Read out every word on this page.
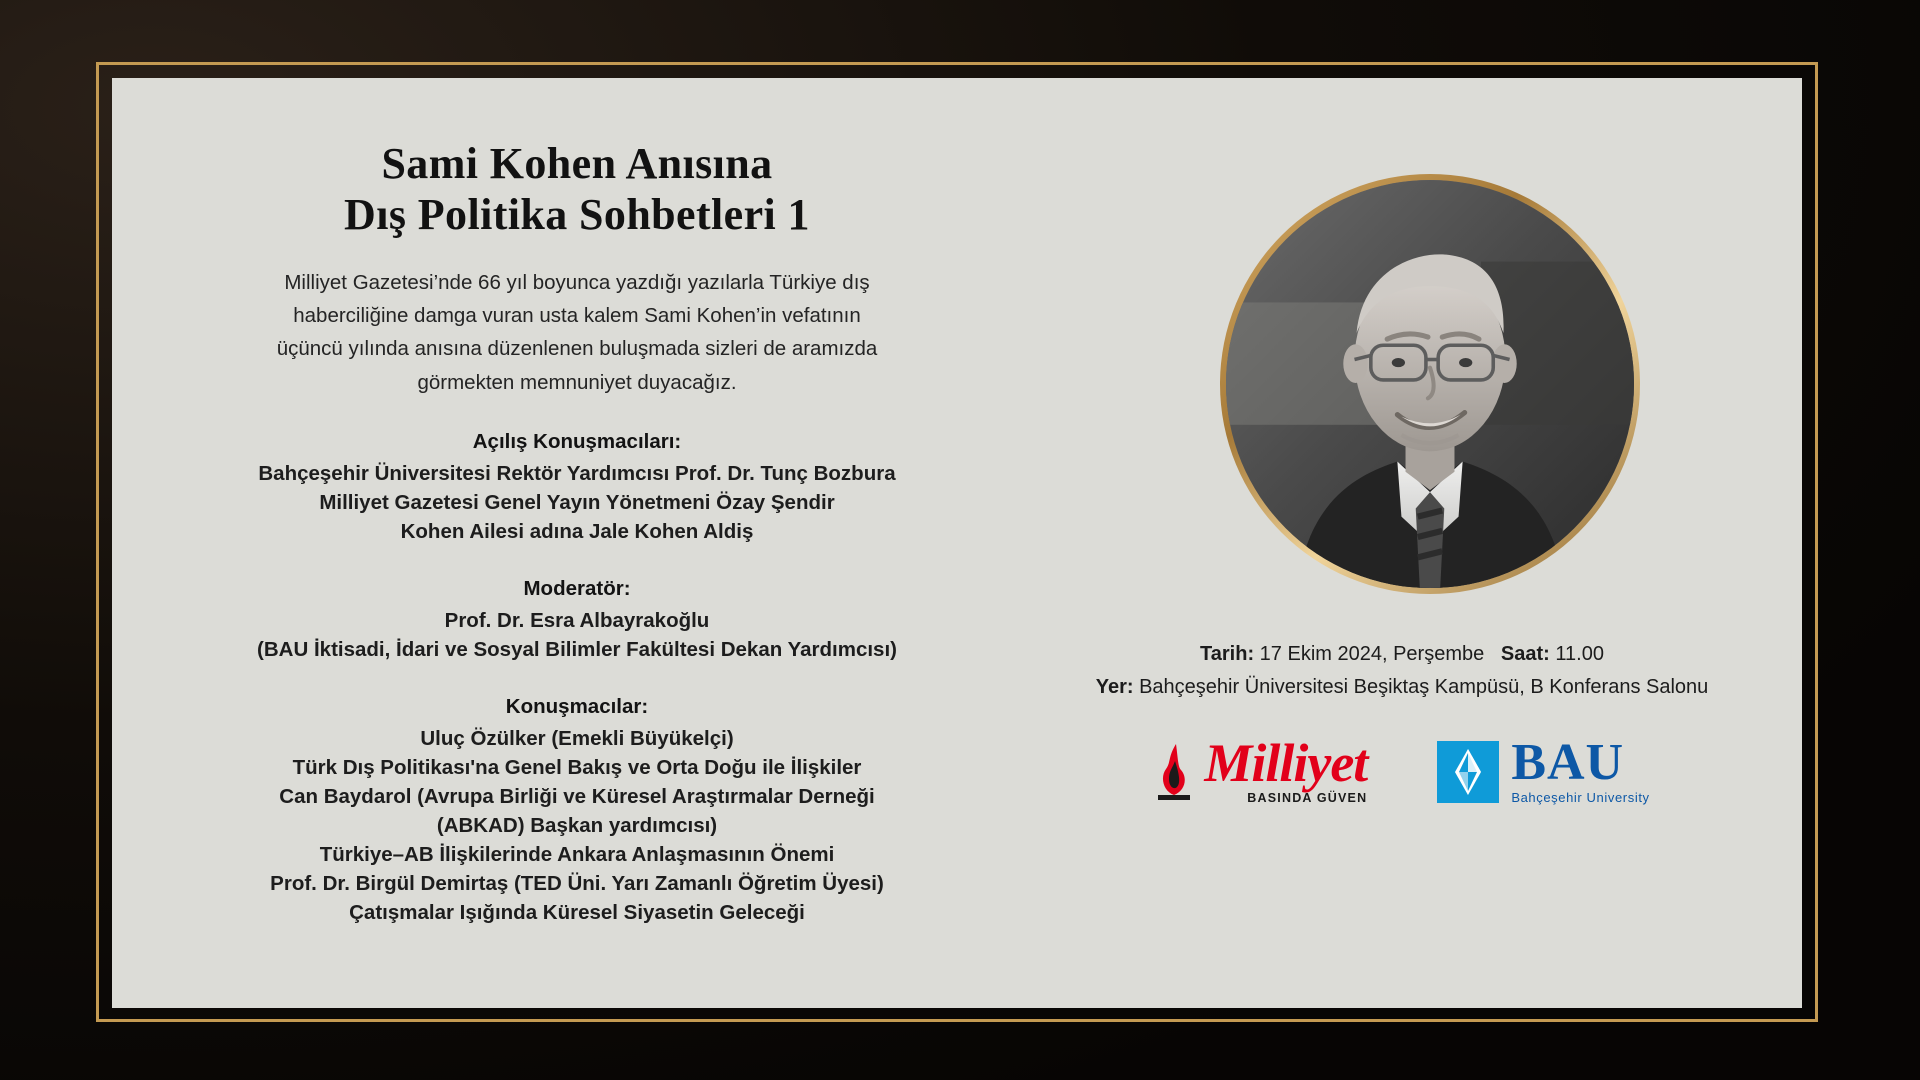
Sami Kohen Anısına
Dış Politika Sohbetleri 1

Milliyet Gazetesi’nde 66 yıl boyunca yazdığı yazılarla Türkiye dış haberciliğine damga vuran usta kalem Sami Kohen’in vefatının üçüncü yılında anısına düzenlenen buluşmada sizleri de aramızda görmekten memnuniyet duyacağız.

Açılış Konuşmacıları:
Bahçeşehir Üniversitesi Rektör Yardımcısı Prof. Dr. Tunç Bozbura
Milliyet Gazetesi Genel Yayın Yönetmeni Özay Şendir
Kohen Ailesi adına Jale Kohen Aldiş
Moderatör:
Prof. Dr. Esra Albayrakoğlu
(BAU İktisadi, İdari ve Sosyal Bilimler Fakültesi Dekan Yardımcısı)
Konuşmacılar:
Uluç Özülker (Emekli Büyükelçi)
Türk Dış Politikası'na Genel Bakış ve Orta Doğu ile İlişkiler
Can Baydarol (Avrupa Birliği ve Küresel Araştırmalar Derneği
(ABKAD) Başkan yardımcısı)
Türkiye–AB İlişkilerinde Ankara Anlaşmasının Önemi
Prof. Dr. Birgül Demirtaş (TED Üni. Yarı Zamanlı Öğretim Üyesi)
Çatışmalar Işığında Küresel Siyasetin Geleceği
Tarih: 17 Ekim 2024, Perşembe Saat: 11.00
Yer: Bahçeşehir Üniversitesi Beşiktaş Kampüsü, B Konferans Salonu
Milliyet
BASINDA GÜVEN
BAU
Bahçeşehir University
